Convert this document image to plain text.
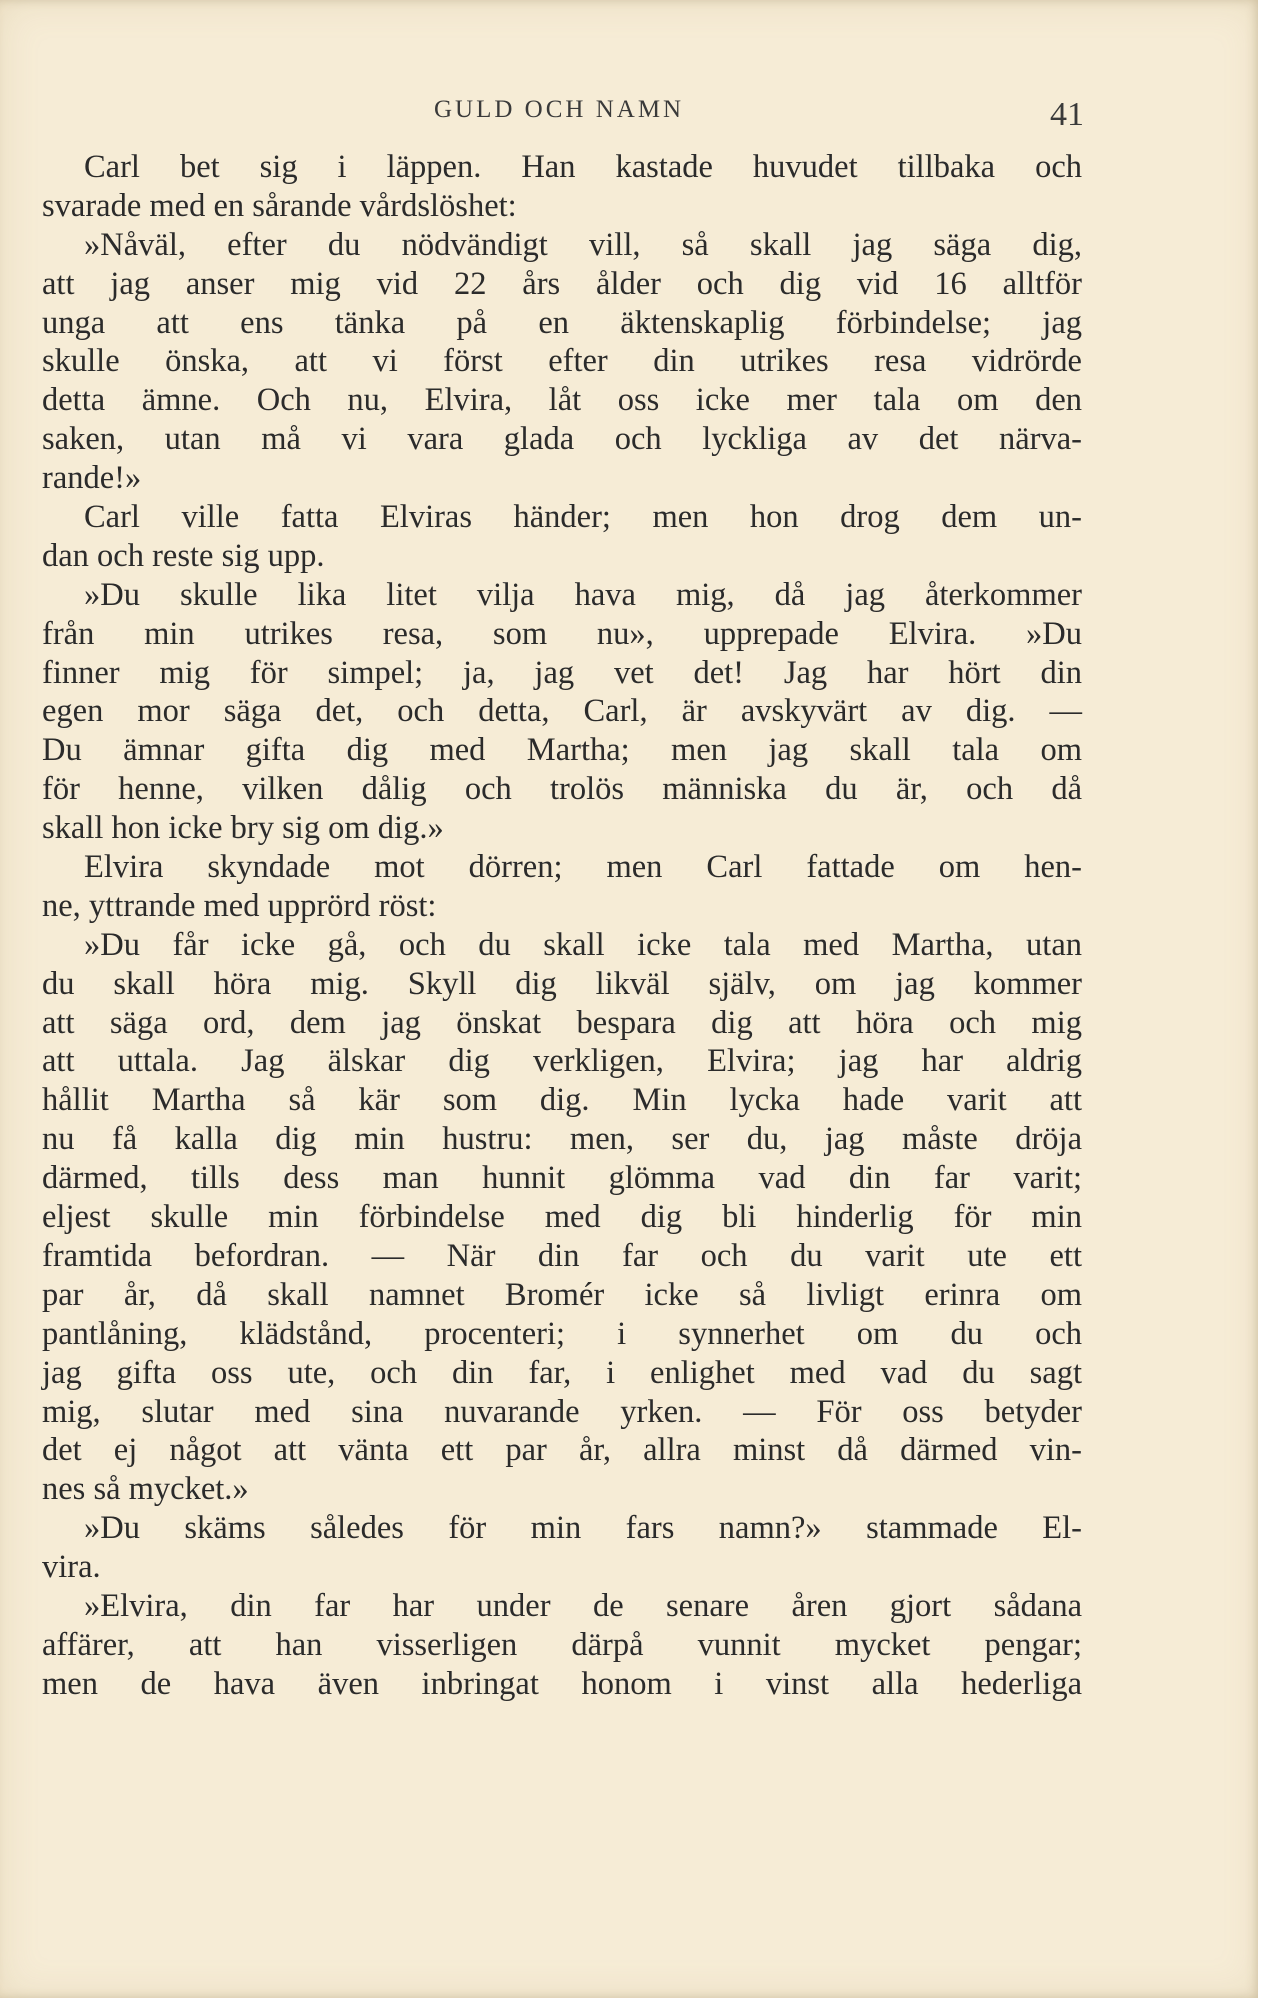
GULD OCH NAMN	41
Carl bet sig i läppen. Han kastade huvudet tillbaka och
svarade med en sårande vårdslöshet:
»Nåväl, efter du nödvändigt vill, så skall jag säga dig,
att jag anser mig vid 22 års ålder och dig vid 16 alltför
unga att ens tänka på en äktenskaplig förbindelse; jag
skulle önska, att vi först efter din utrikes resa vidrörde
detta ämne. Och nu, Elvira, låt oss icke mer tala om den
saken, utan må vi vara glada och lyckliga av det närva-
rande!»
Carl ville fatta Elviras händer; men hon drog dem un-
dan och reste sig upp.
»Du skulle lika litet vilja hava mig, då jag återkommer
från min utrikes resa, som nu», upprepade Elvira. »Du
finner mig för simpel; ja, jag vet det! Jag har hört din
egen mor säga det, och detta, Carl, är avskyvärt av dig. —
Du ämnar gifta dig med Martha; men jag skall tala om
för henne, vilken dålig och trolös människa du är, och då
skall hon icke bry sig om dig.»
Elvira skyndade mot dörren; men Carl fattade om hen-
ne, yttrande med upprörd röst:
»Du får icke gå, och du skall icke tala med Martha, utan
du skall höra mig. Skyll dig likväl själv, om jag kommer
att säga ord, dem jag önskat bespara dig att höra och mig
att uttala. Jag älskar dig verkligen, Elvira; jag har aldrig
hållit Martha så kär som dig. Min lycka hade varit att
nu få kalla dig min hustru: men, ser du, jag måste dröja
därmed, tills dess man hunnit glömma vad din far varit;
eljest skulle min förbindelse med dig bli hinderlig för min
framtida befordran. — När din far och du varit ute ett
par år, då skall namnet Bromér icke så livligt erinra om
pantlåning, klädstånd, procenteri; i synnerhet om du och
jag gifta oss ute, och din far, i enlighet med vad du sagt
mig, slutar med sina nuvarande yrken. — För oss betyder
det ej något att vänta ett par år, allra minst då därmed vin-
nes så mycket.»
»Du skäms således för min fars namn?» stammade El-
vira.
»Elvira, din far har under de senare åren gjort sådana
affärer, att han visserligen därpå vunnit mycket pengar;
men de hava även inbringat honom i vinst alla hederliga
